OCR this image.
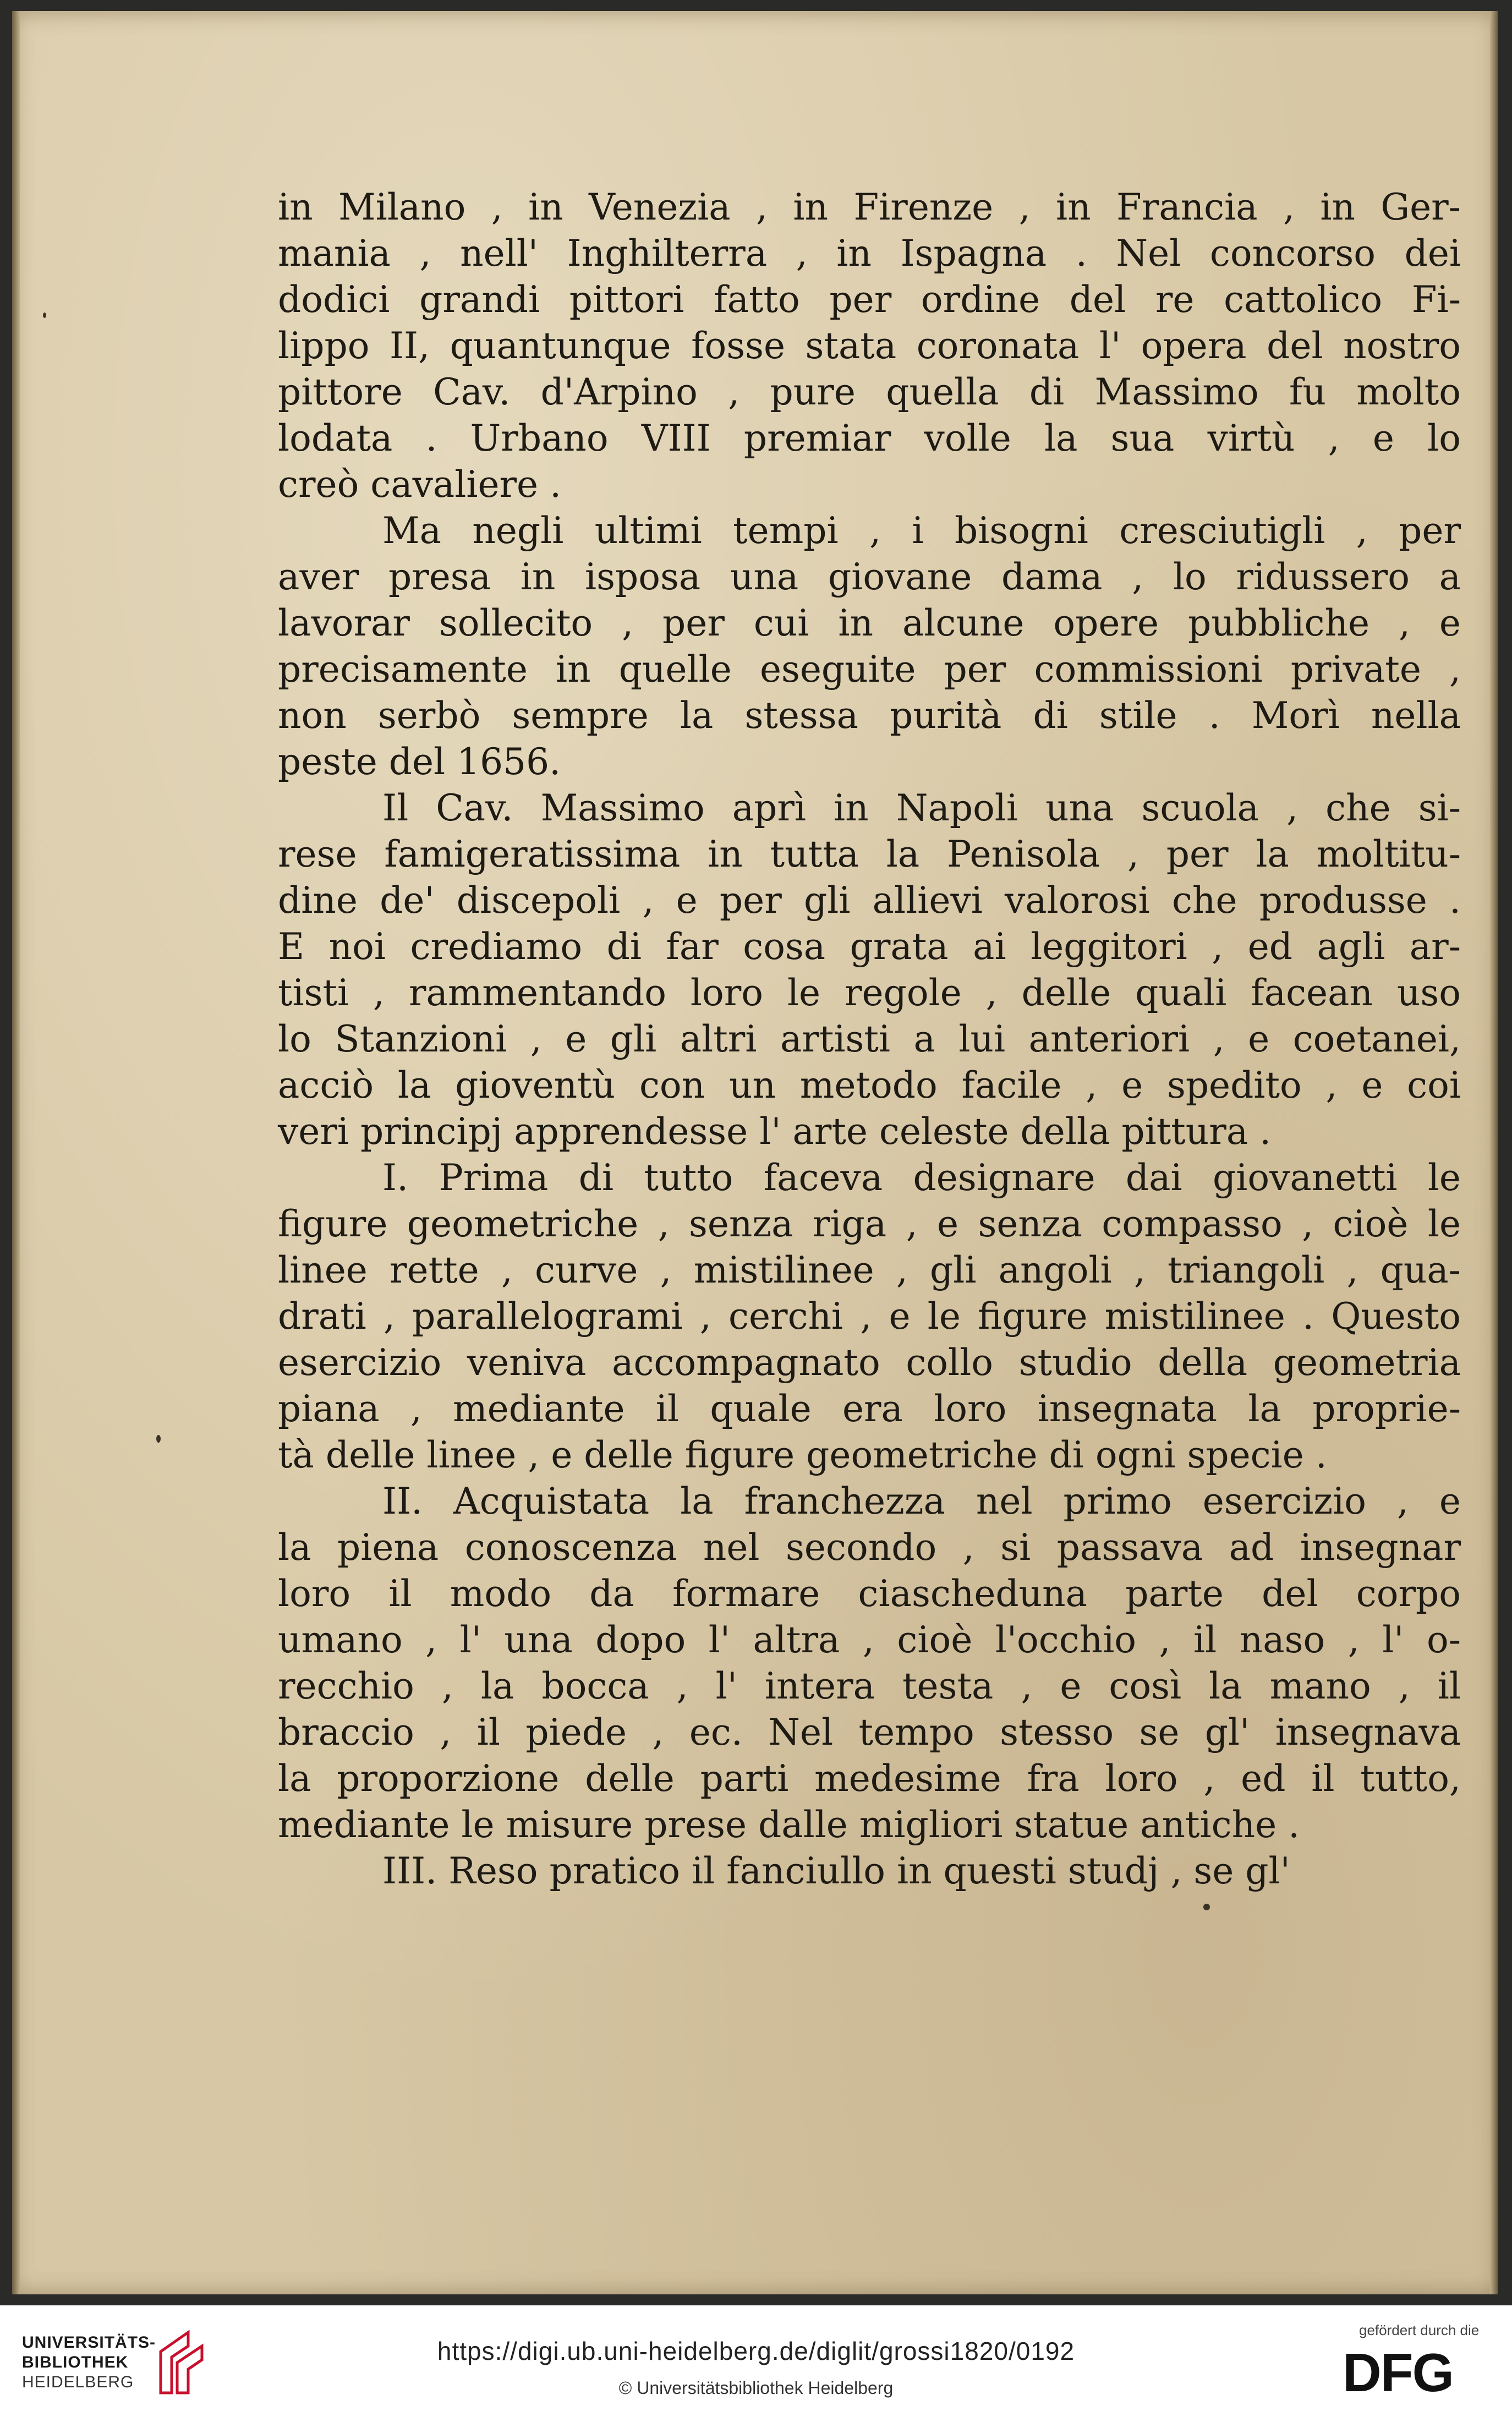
in Milano , in Venezia , in Firenze , in Francia , in Ger-
mania , nell' Inghilterra , in Ispagna . Nel concorso dei
dodici grandi pittori fatto per ordine del re cattolico Fi-
lippo II, quantunque fosse stata coronata l' opera del nostro
pittore Cav. d'Arpino , pure quella di Massimo fu molto
lodata . Urbano VIII premiar volle la sua virtù , e lo
creò cavaliere .
Ma negli ultimi tempi , i bisogni cresciutigli , per
aver presa in isposa una giovane dama , lo ridussero a
lavorar sollecito , per cui in alcune opere pubbliche , e
precisamente in quelle eseguite per commissioni private ,
non serbò sempre la stessa purità di stile . Morì nella
peste del 1656.
Il Cav. Massimo aprì in Napoli una scuola , che si-
rese famigeratissima in tutta la Penisola , per la moltitu-
dine de' discepoli , e per gli allievi valorosi che produsse .
E noi crediamo di far cosa grata ai leggitori , ed agli ar-
tisti , rammentando loro le regole , delle quali facean uso
lo Stanzioni , e gli altri artisti a lui anteriori , e coetanei,
acciò la gioventù con un metodo facile , e spedito , e coi
veri principj apprendesse l' arte celeste della pittura .
I. Prima di tutto faceva designare dai giovanetti le
figure geometriche , senza riga , e senza compasso , cioè le
linee rette , curve , mistilinee , gli angoli , triangoli , qua-
drati , parallelogrami , cerchi , e le figure mistilinee . Questo
esercizio veniva accompagnato collo studio della geometria
piana , mediante il quale era loro insegnata la proprie-
tà delle linee , e delle figure geometriche di ogni specie .
II. Acquistata la franchezza nel primo esercizio , e
la piena conoscenza nel secondo , si passava ad insegnar
loro il modo da formare ciascheduna parte del corpo
umano , l' una dopo l' altra , cioè l'occhio , il naso , l' o-
recchio , la bocca , l' intera testa , e così la mano , il
braccio , il piede , ec. Nel tempo stesso se gl' insegnava
la proporzione delle parti medesime fra loro , ed il tutto,
mediante le misure prese dalle migliori statue antiche .
III. Reso pratico il fanciullo in questi studj , se gl'
UNIVERSITÄTS-
BIBLIOTHEK
HEIDELBERG
https://digi.ub.uni-heidelberg.de/diglit/grossi1820/0192
© Universitätsbibliothek Heidelberg
gefördert durch die
DFG
